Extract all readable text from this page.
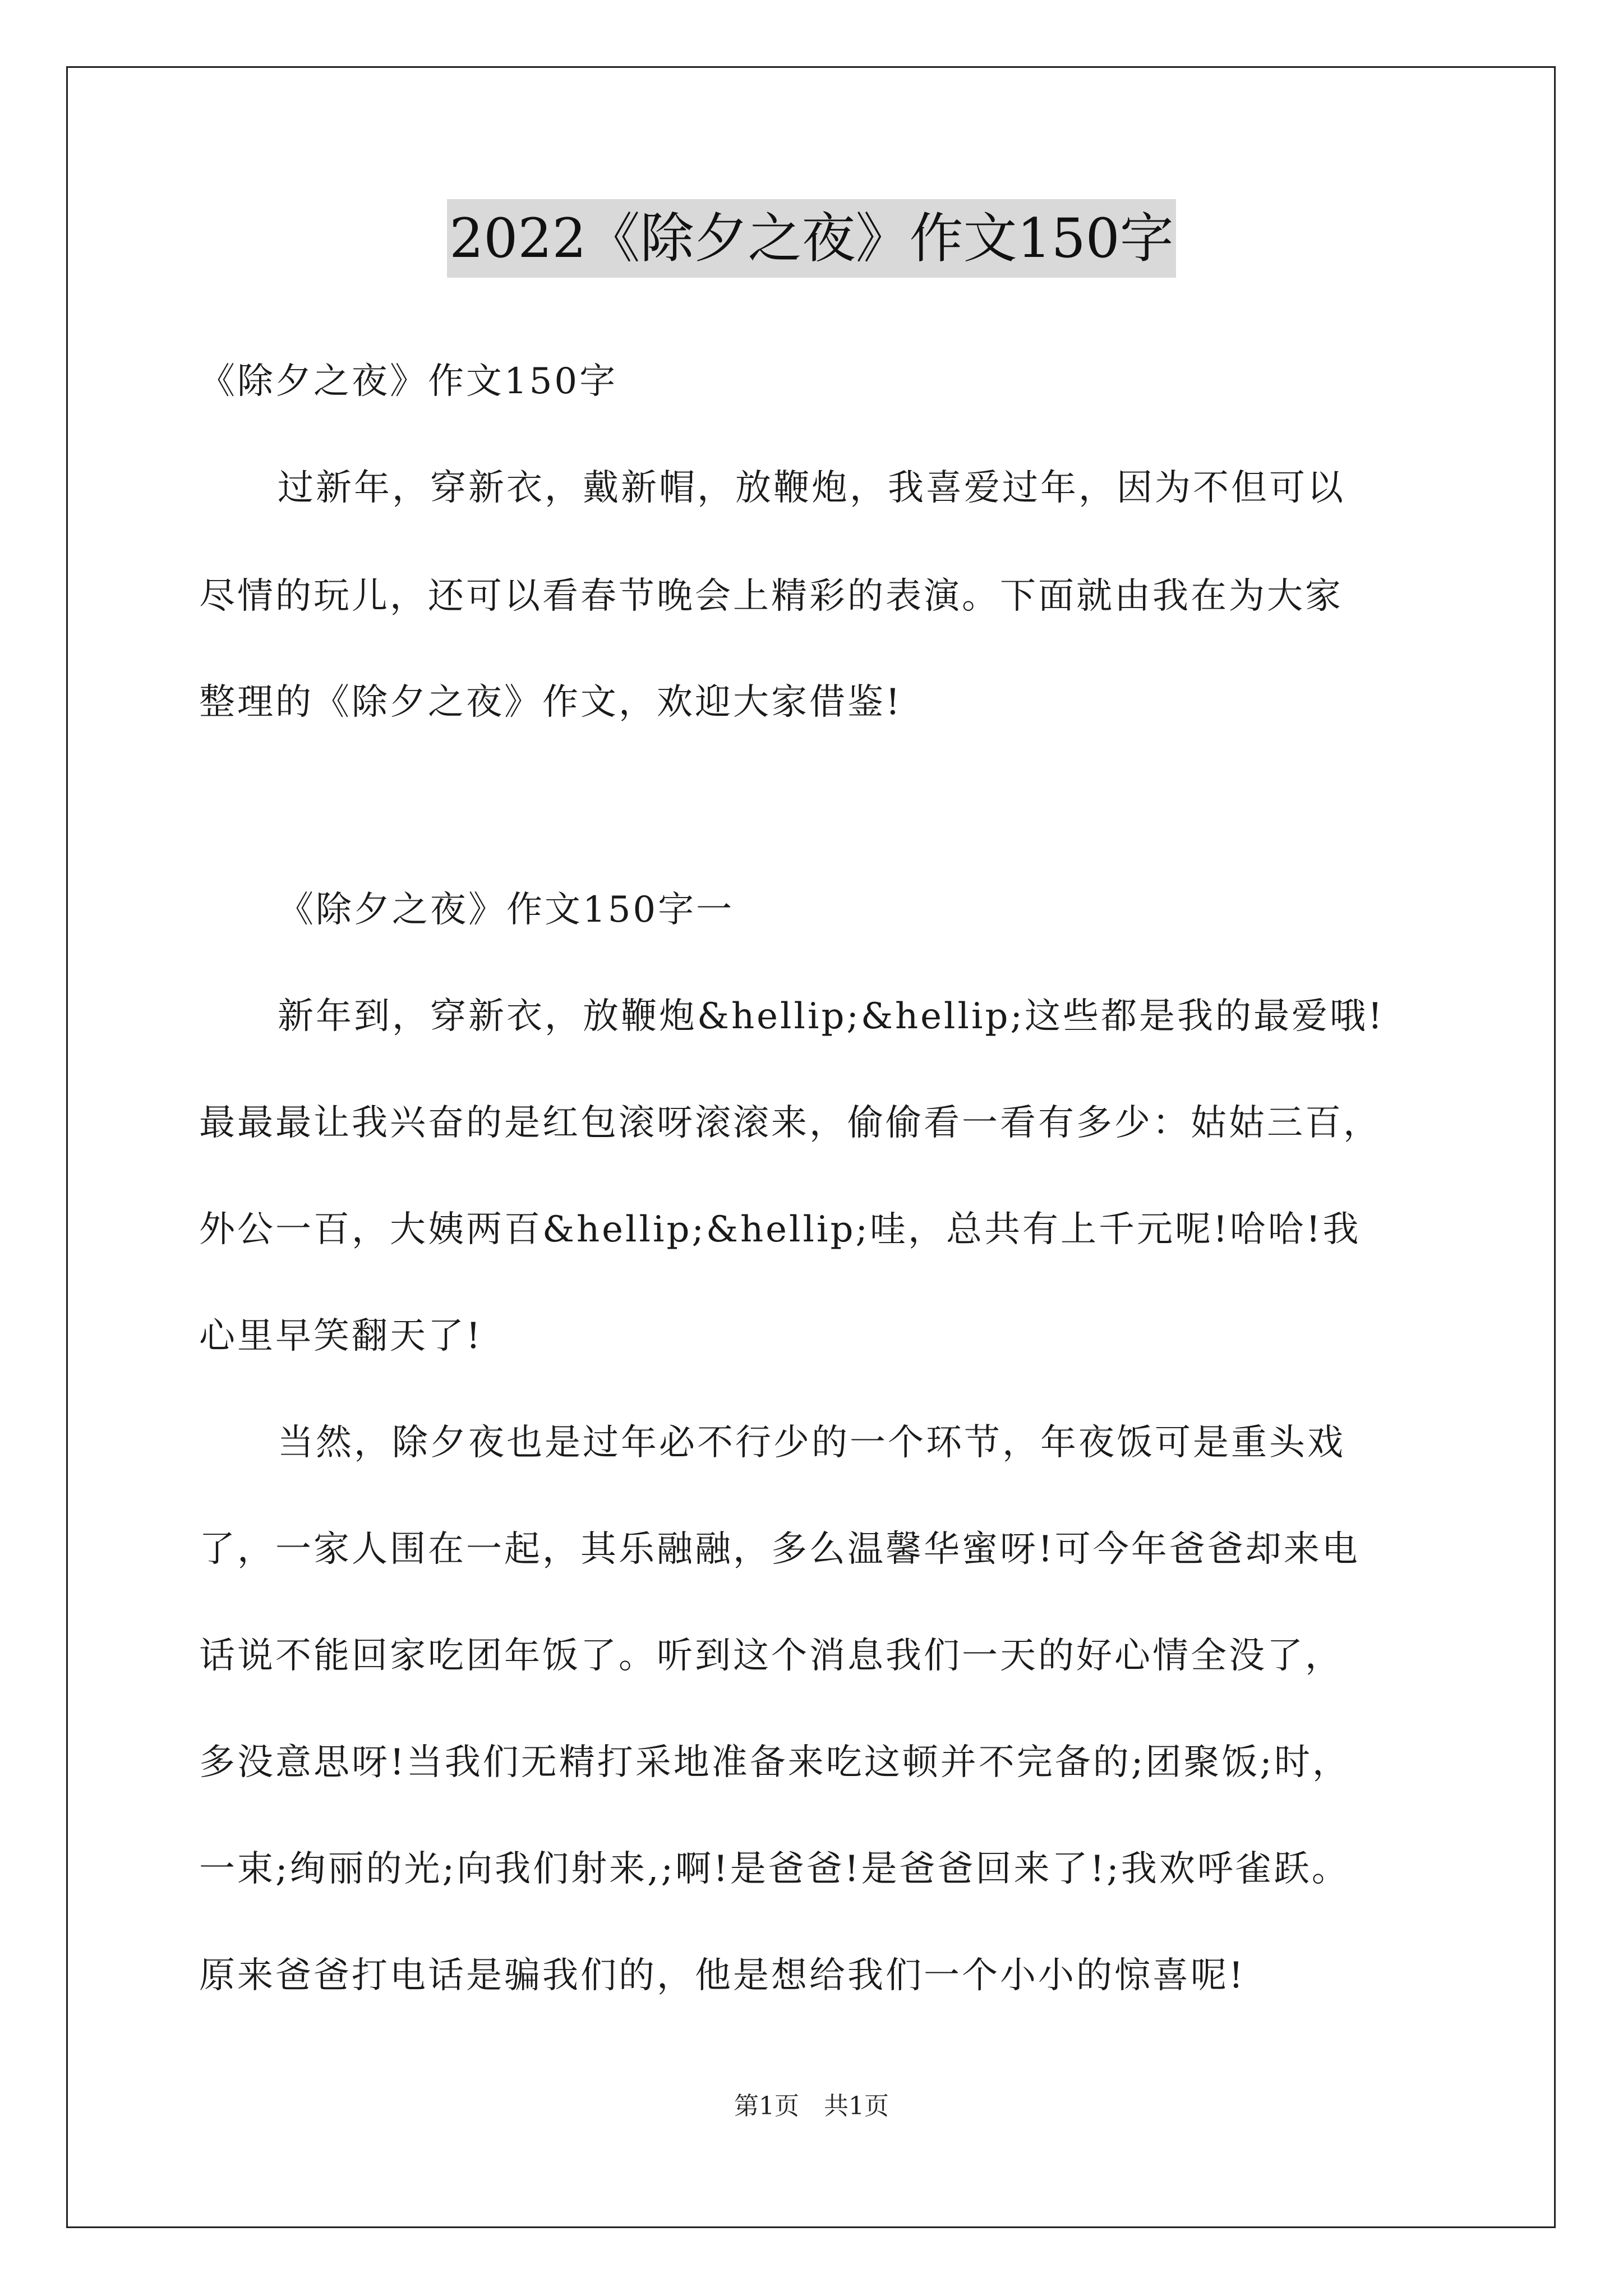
2022《除夕之夜》作文150字
《除夕之夜》作文150字
过新年，穿新衣，戴新帽，放鞭炮，我喜爱过年，因为不但可以
尽情的玩儿，还可以看春节晚会上精彩的表演。下面就由我在为大家
整理的《除夕之夜》作文，欢迎大家借鉴!
《除夕之夜》作文150字一
新年到，穿新衣，放鞭炮&hellip;&hellip;这些都是我的最爱哦!
最最最让我兴奋的是红包滚呀滚滚来，偷偷看一看有多少：姑姑三百，
外公一百，大姨两百&hellip;&hellip;哇，总共有上千元呢!哈哈!我
心里早笑翻天了!
当然，除夕夜也是过年必不行少的一个环节，年夜饭可是重头戏
了，一家人围在一起，其乐融融，多么温馨华蜜呀!可今年爸爸却来电
话说不能回家吃团年饭了。听到这个消息我们一天的好心情全没了，
多没意思呀!当我们无精打采地准备来吃这顿并不完备的;团聚饭;时，
一束;绚丽的光;向我们射来,;啊!是爸爸!是爸爸回来了!;我欢呼雀跃。
原来爸爸打电话是骗我们的，他是想给我们一个小小的惊喜呢!
第1页　共1页
